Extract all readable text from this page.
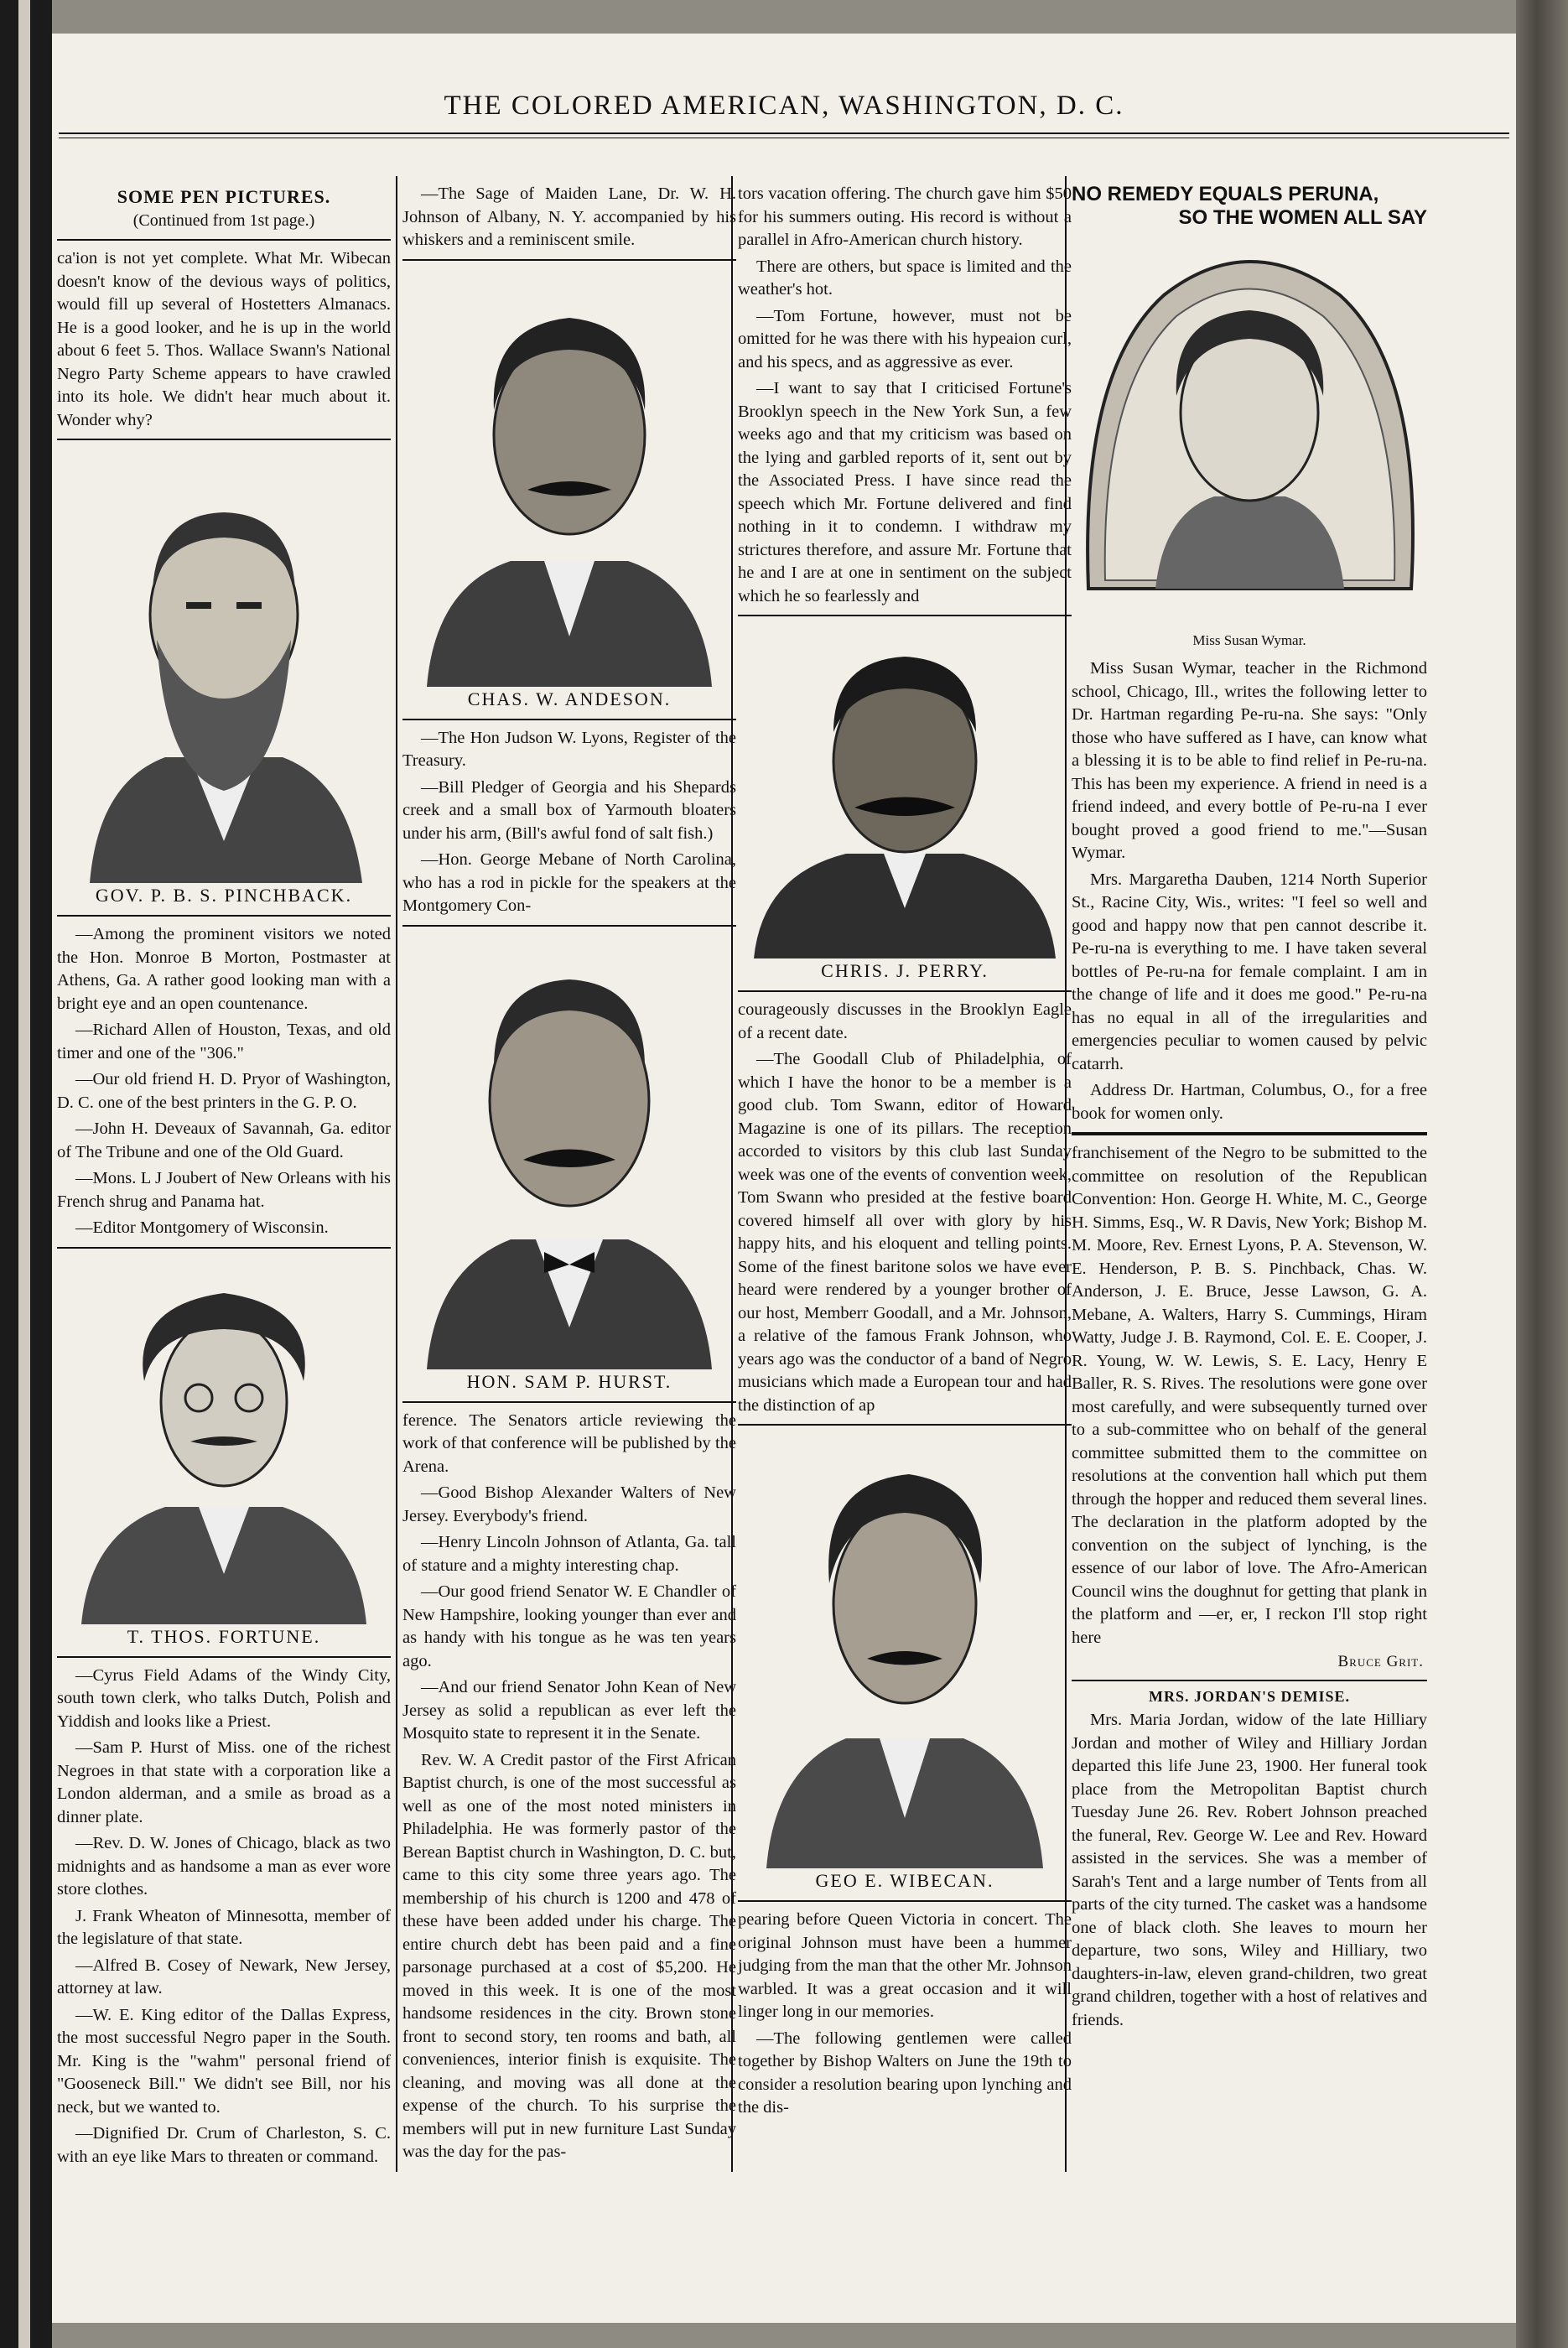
THE COLORED AMERICAN, WASHINGTON, D. C.
SOME PEN PICTURES.
(Continued from 1st page.)

ca'ion is not yet complete. What Mr. Wibecan doesn't know of the devious ways of politics, would fill up several of Hostetters Almanacs. He is a good looker, and he is up in the world about 6 feet 5. Thos. Wallace Swann's National Negro Party Scheme appears to have crawled into its hole. We didn't hear much about it. Wonder why?

GOV. P. B. S. PINCHBACK.

—Among the prominent visitors we noted the Hon. Monroe B Morton, Postmaster at Athens, Ga. A rather good looking man with a bright eye and an open countenance.

—Richard Allen of Houston, Texas, and old timer and one of the "306."

—Our old friend H. D. Pryor of Washington, D. C. one of the best printers in the G. P. O.

—John H. Deveaux of Savannah, Ga. editor of The Tribune and one of the Old Guard.

—Mons. L J Joubert of New Orleans with his French shrug and Panama hat.

—Editor Montgomery of Wisconsin.

T. THOS. FORTUNE.

—Cyrus Field Adams of the Windy City, south town clerk, who talks Dutch, Polish and Yiddish and looks like a Priest.

—Sam P. Hurst of Miss. one of the richest Negroes in that state with a corporation like a London alderman, and a smile as broad as a dinner plate.

—Rev. D. W. Jones of Chicago, black as two midnights and as handsome a man as ever wore store clothes.

J. Frank Wheaton of Minnesotta, member of the legislature of that state.

—Alfred B. Cosey of Newark, New Jersey, attorney at law.

—W. E. King editor of the Dallas Express, the most successful Negro paper in the South. Mr. King is the "wahm" personal friend of "Gooseneck Bill." We didn't see Bill, nor his neck, but we wanted to.

—Dignified Dr. Crum of Charleston, S. C. with an eye like Mars to threaten or command.

—The Sage of Maiden Lane, Dr. W. H. Johnson of Albany, N. Y. accompanied by his whiskers and a reminiscent smile.

CHAS. W. ANDESON.

—The Hon Judson W. Lyons, Register of the Treasury.

—Bill Pledger of Georgia and his Shepards creek and a small box of Yarmouth bloaters under his arm, (Bill's awful fond of salt fish.)

—Hon. George Mebane of North Carolina, who has a rod in pickle for the speakers at the Montgomery Con-

HON. SAM P. HURST.

ference. The Senators article reviewing the work of that conference will be published by the Arena.

—Good Bishop Alexander Walters of New Jersey. Everybody's friend.

—Henry Lincoln Johnson of Atlanta, Ga. tall of stature and a mighty interesting chap.

—Our good friend Senator W. E Chandler of New Hampshire, looking younger than ever and as handy with his tongue as he was ten years ago.

—And our friend Senator John Kean of New Jersey as solid a republican as ever left the Mosquito state to represent it in the Senate.

Rev. W. A Credit pastor of the First African Baptist church, is one of the most successful as well as one of the most noted ministers in Philadelphia. He was formerly pastor of the Berean Baptist church in Washington, D. C. but, came to this city some three years ago. The membership of his church is 1200 and 478 of these have been added under his charge. The entire church debt has been paid and a fine parsonage purchased at a cost of $5,200. He moved in this week. It is one of the most handsome residences in the city. Brown stone front to second story, ten rooms and bath, all conveniences, interior finish is exquisite. The cleaning, and moving was all done at the expense of the church. To his surprise the members will put in new furniture Last Sunday was the day for the pas-

tors vacation offering. The church gave him $50 for his summers outing. His record is without a parallel in Afro-American church history.

There are others, but space is limited and the weather's hot.

—Tom Fortune, however, must not be omitted for he was there with his hypeaion curl, and his specs, and as aggressive as ever.

—I want to say that I criticised Fortune's Brooklyn speech in the New York Sun, a few weeks ago and that my criticism was based on the lying and garbled reports of it, sent out by the Associated Press. I have since read the speech which Mr. Fortune delivered and find nothing in it to condemn. I withdraw my strictures therefore, and assure Mr. Fortune that he and I are at one in sentiment on the subject which he so fearlessly and

CHRIS. J. PERRY.

courageously discusses in the Brooklyn Eagle of a recent date.

—The Goodall Club of Philadelphia, of which I have the honor to be a member is a good club. Tom Swann, editor of Howard Magazine is one of its pillars. The reception accorded to visitors by this club last Sunday week was one of the events of convention week, Tom Swann who presided at the festive board covered himself all over with glory by his happy hits, and his eloquent and telling points. Some of the finest baritone solos we have ever heard were rendered by a younger brother of our host, Memberr Goodall, and a Mr. Johnson, a relative of the famous Frank Johnson, who years ago was the conductor of a band of Negro musicians which made a European tour and had the distinction of ap

GEO E. WIBECAN.

pearing before Queen Victoria in concert. The original Johnson must have been a hummer judging from the man that the other Mr. Johnson warbled. It was a great occasion and it will linger long in our memories.

—The following gentlemen were called together by Bishop Walters on June the 19th to consider a resolution bearing upon lynching and the dis-

NO REMEDY EQUALS PERUNA,
SO THE WOMEN ALL SAY
Miss Susan Wymar.

Miss Susan Wymar, teacher in the Richmond school, Chicago, Ill., writes the following letter to Dr. Hartman regarding Pe-ru-na. She says: "Only those who have suffered as I have, can know what a blessing it is to be able to find relief in Pe-ru-na. This has been my experience. A friend in need is a friend indeed, and every bottle of Pe-ru-na I ever bought proved a good friend to me."—Susan Wymar.

Mrs. Margaretha Dauben, 1214 North Superior St., Racine City, Wis., writes: "I feel so well and good and happy now that pen cannot describe it. Pe-ru-na is everything to me. I have taken several bottles of Pe-ru-na for female complaint. I am in the change of life and it does me good." Pe-ru-na has no equal in all of the irregularities and emergencies peculiar to women caused by pelvic catarrh.

Address Dr. Hartman, Columbus, O., for a free book for women only.

franchisement of the Negro to be submitted to the committee on resolution of the Republican Convention: Hon. George H. White, M. C., George H. Simms, Esq., W. R Davis, New York; Bishop M. M. Moore, Rev. Ernest Lyons, P. A. Stevenson, W. E. Henderson, P. B. S. Pinchback, Chas. W. Anderson, J. E. Bruce, Jesse Lawson, G. A. Mebane, A. Walters, Harry S. Cummings, Hiram Watty, Judge J. B. Raymond, Col. E. E. Cooper, J. R. Young, W. W. Lewis, S. E. Lacy, Henry E Baller, R. S. Rives. The resolutions were gone over most carefully, and were subsequently turned over to a sub-committee who on behalf of the general committee submitted them to the committee on resolutions at the convention hall which put them through the hopper and reduced them several lines. The declaration in the platform adopted by the convention on the subject of lynching, is the essence of our labor of love. The Afro-American Council wins the doughnut for getting that plank in the platform and —er, er, I reckon I'll stop right here

Bruce Grit.
MRS. JORDAN'S DEMISE.

Mrs. Maria Jordan, widow of the late Hilliary Jordan and mother of Wiley and Hilliary Jordan departed this life June 23, 1900. Her funeral took place from the Metropolitan Baptist church Tuesday June 26. Rev. Robert Johnson preached the funeral, Rev. George W. Lee and Rev. Howard assisted in the services. She was a member of Sarah's Tent and a large number of Tents from all parts of the city turned. The casket was a handsome one of black cloth. She leaves to mourn her departure, two sons, Wiley and Hilliary, two daughters-in-law, eleven grand-children, two great grand children, together with a host of relatives and friends.
